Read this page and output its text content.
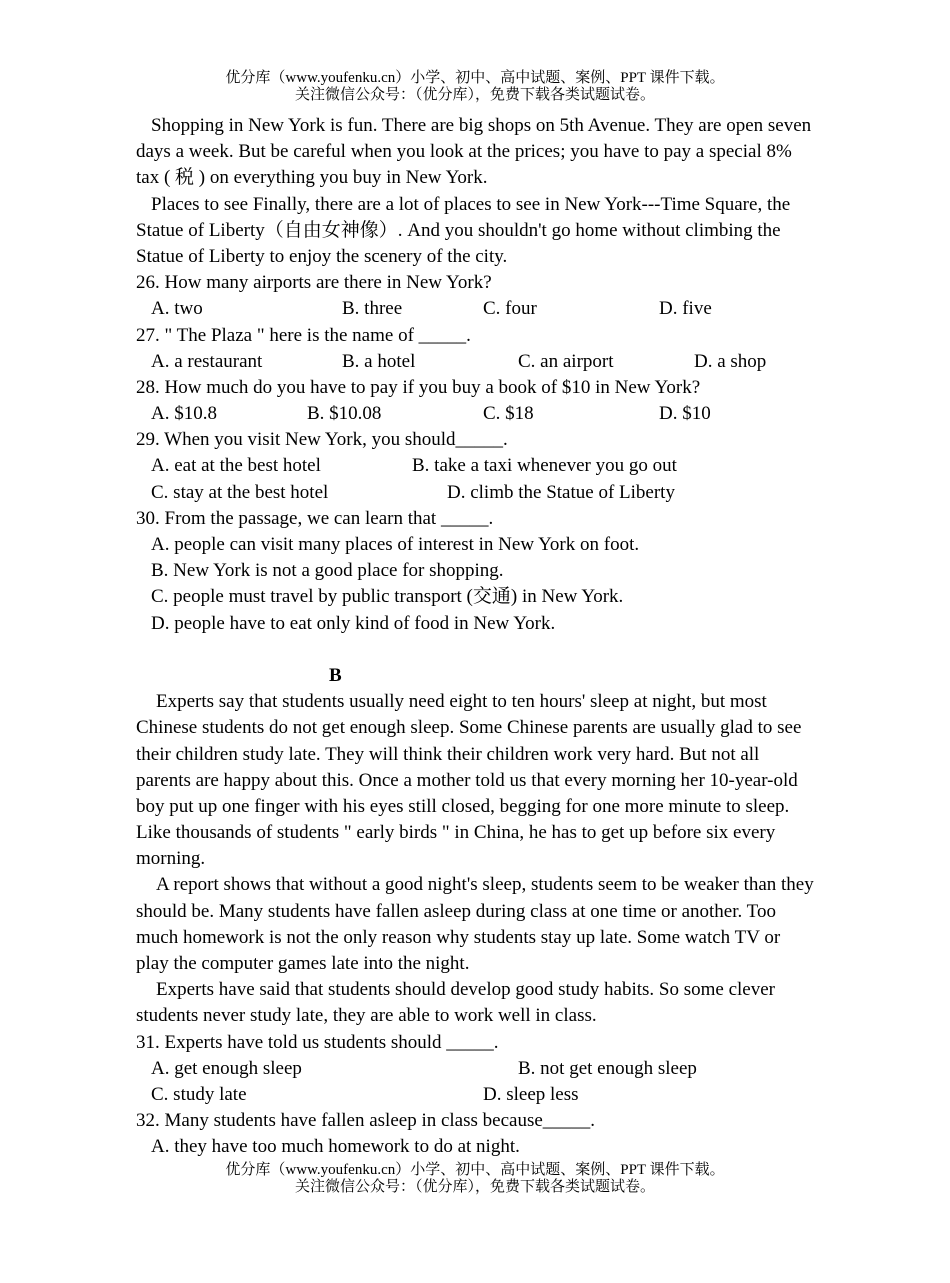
优分库（www.youfenku.cn）小学、初中、高中试题、案例、PPT 课件下载。
关注微信公众号：（优分库），免费下载各类试题试卷。
Shopping in New York is fun. There are big shops on 5th Avenue. They are open seven
days a week. But be careful when you look at the prices; you have to pay a special 8%
tax ( 税 ) on everything you buy in New York.
Places to see Finally, there are a lot of places to see in New York---Time Square, the
Statue of Liberty（自由女神像）. And you shouldn't go home without climbing the
Statue of Liberty to enjoy the scenery of the city.
26. How many airports are there in New York?
A. two	B. three	C. four	D. five
27. " The Plaza " here is the name of _____.
A. a restaurant	B. a hotel	C. an airport	D. a shop
28. How much do you have to pay if you buy a book of $10 in New York?
A. $10.8	B. $10.08	C. $18	D. $10
29. When you visit New York, you should_____.
A. eat at the best hotel	B. take a taxi whenever you go out
C. stay at the best hotel	D. climb the Statue of Liberty
30. From the passage, we can learn that _____.
A. people can visit many places of interest in New York on foot.
B. New York is not a good place for shopping.
C. people must travel by public transport (交通) in New York.
D. people have to eat only kind of food in New York.
B
Experts say that students usually need eight to ten hours' sleep at night, but most
Chinese students do not get enough sleep. Some Chinese parents are usually glad to see
their children study late. They will think their children work very hard. But not all
parents are happy about this. Once a mother told us that every morning her 10-year-old
boy put up one finger with his eyes still closed, begging for one more minute to sleep.
Like thousands of students " early birds " in China, he has to get up before six every
morning.
A report shows that without a good night's sleep, students seem to be weaker than they
should be. Many students have fallen asleep during class at one time or another. Too
much homework is not the only reason why students stay up late. Some watch TV or
play the computer games late into the night.
Experts have said that students should develop good study habits. So some clever
students never study late, they are able to work well in class.
31. Experts have told us students should _____.
A. get enough sleep	B. not get enough sleep
C. study late	D. sleep less
32. Many students have fallen asleep in class because_____.
A. they have too much homework to do at night.
优分库（www.youfenku.cn）小学、初中、高中试题、案例、PPT 课件下载。
关注微信公众号：（优分库），免费下载各类试题试卷。
